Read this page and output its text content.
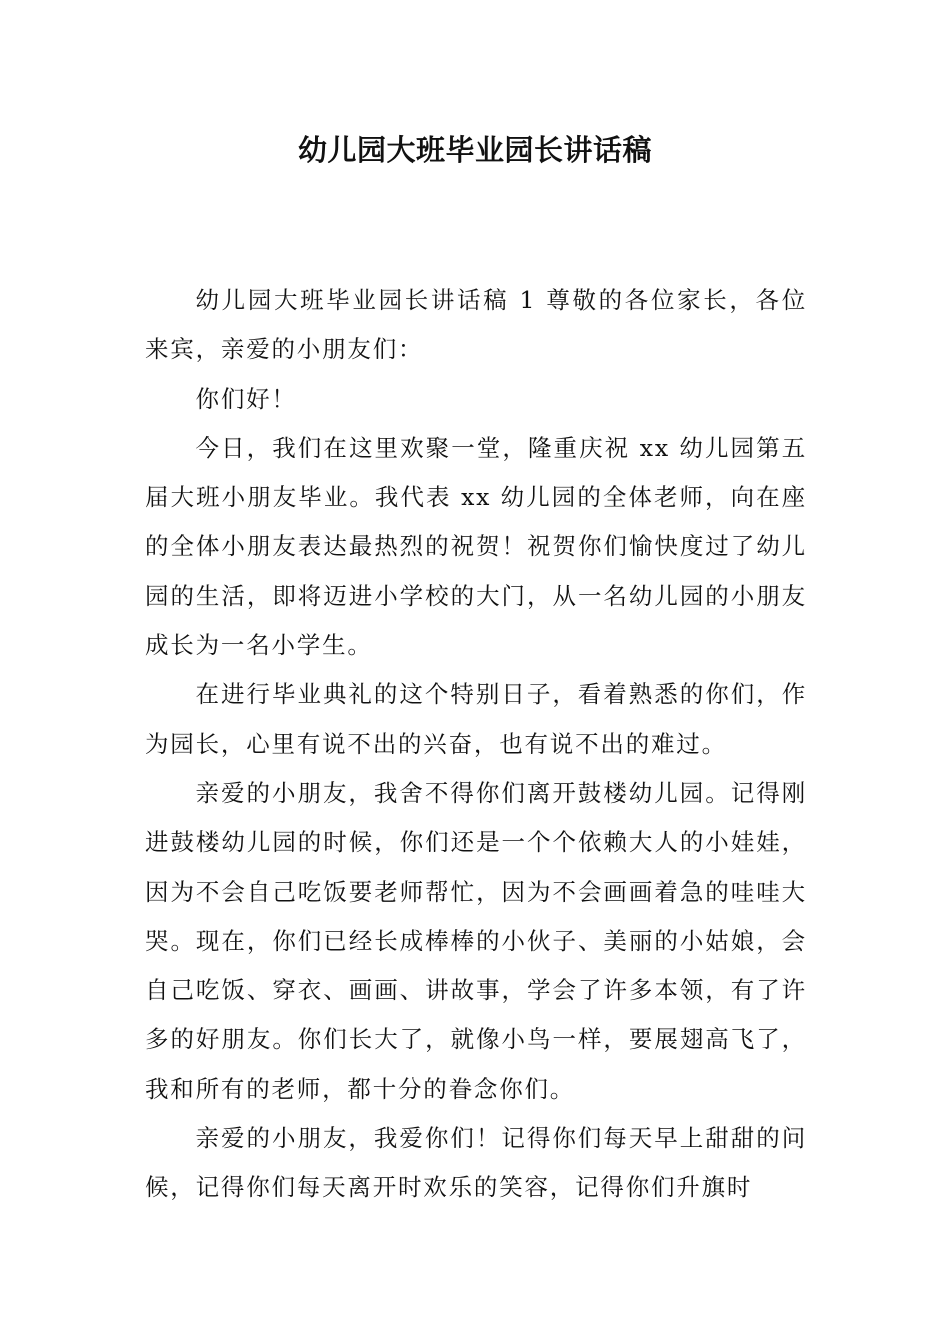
幼儿园大班毕业园长讲话稿

幼儿园大班毕业园长讲话稿 1 尊敬的各位家长，各位来宾，亲爱的小朋友们：

你们好！

今日，我们在这里欢聚一堂，隆重庆祝 xx 幼儿园第五届大班小朋友毕业。我代表 xx 幼儿园的全体老师，向在座的全体小朋友表达最热烈的祝贺！祝贺你们愉快度过了幼儿园的生活，即将迈进小学校的大门，从一名幼儿园的小朋友成长为一名小学生。

在进行毕业典礼的这个特别日子，看着熟悉的你们，作为园长，心里有说不出的兴奋，也有说不出的难过。

亲爱的小朋友，我舍不得你们离开鼓楼幼儿园。记得刚进鼓楼幼儿园的时候，你们还是一个个依赖大人的小娃娃，因为不会自己吃饭要老师帮忙，因为不会画画着急的哇哇大哭。现在，你们已经长成棒棒的小伙子、美丽的小姑娘，会自己吃饭、穿衣、画画、讲故事，学会了许多本领，有了许多的好朋友。你们长大了，就像小鸟一样，要展翅高飞了，我和所有的老师，都十分的眷念你们。

亲爱的小朋友，我爱你们！记得你们每天早上甜甜的问候，记得你们每天离开时欢乐的笑容，记得你们升旗时
